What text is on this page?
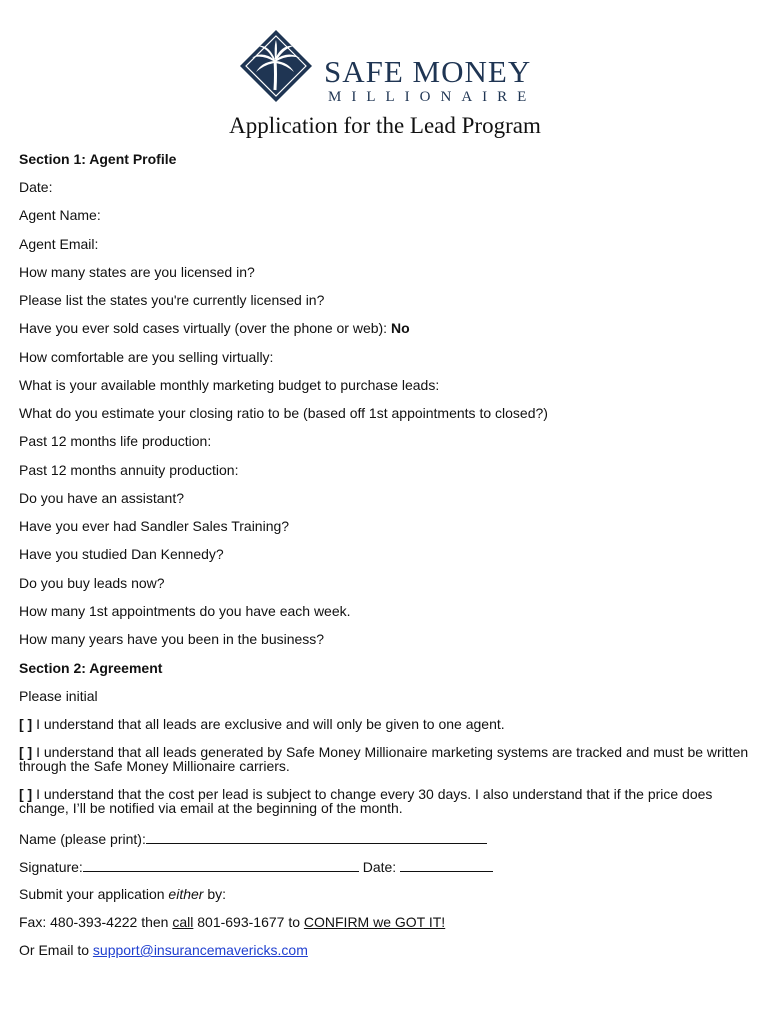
SAFE MONEY
MILLIONAIRE
Application for the Lead Program
Section 1: Agent Profile
Date:
Agent Name:
Agent Email:
How many states are you licensed in?
Please list the states you're currently licensed in?
Have you ever sold cases virtually (over the phone or web): No
How comfortable are you selling virtually:
What is your available monthly marketing budget to purchase leads:
What do you estimate your closing ratio to be (based off 1st appointments to closed?)
Past 12 months life production:
Past 12 months annuity production:
Do you have an assistant?
Have you ever had Sandler Sales Training?
Have you studied Dan Kennedy?
Do you buy leads now?
How many 1st appointments do you have each week.
How many years have you been in the business?
Section 2: Agreement
Please initial
[ ] I understand that all leads are exclusive and will only be given to one agent.
[ ] I understand that all leads generated by Safe Money Millionaire marketing systems are tracked and must be written through the Safe Money Millionaire carriers.
[ ] I understand that the cost per lead is subject to change every 30 days. I also understand that if the price does change, I’ll be notified via email at the beginning of the month.
Name (please print):
Signature:	Date:
Submit your application either by:
Fax: 480-393-4222 then call 801-693-1677 to CONFIRM we GOT IT!
Or Email to support@insurancemavericks.com
